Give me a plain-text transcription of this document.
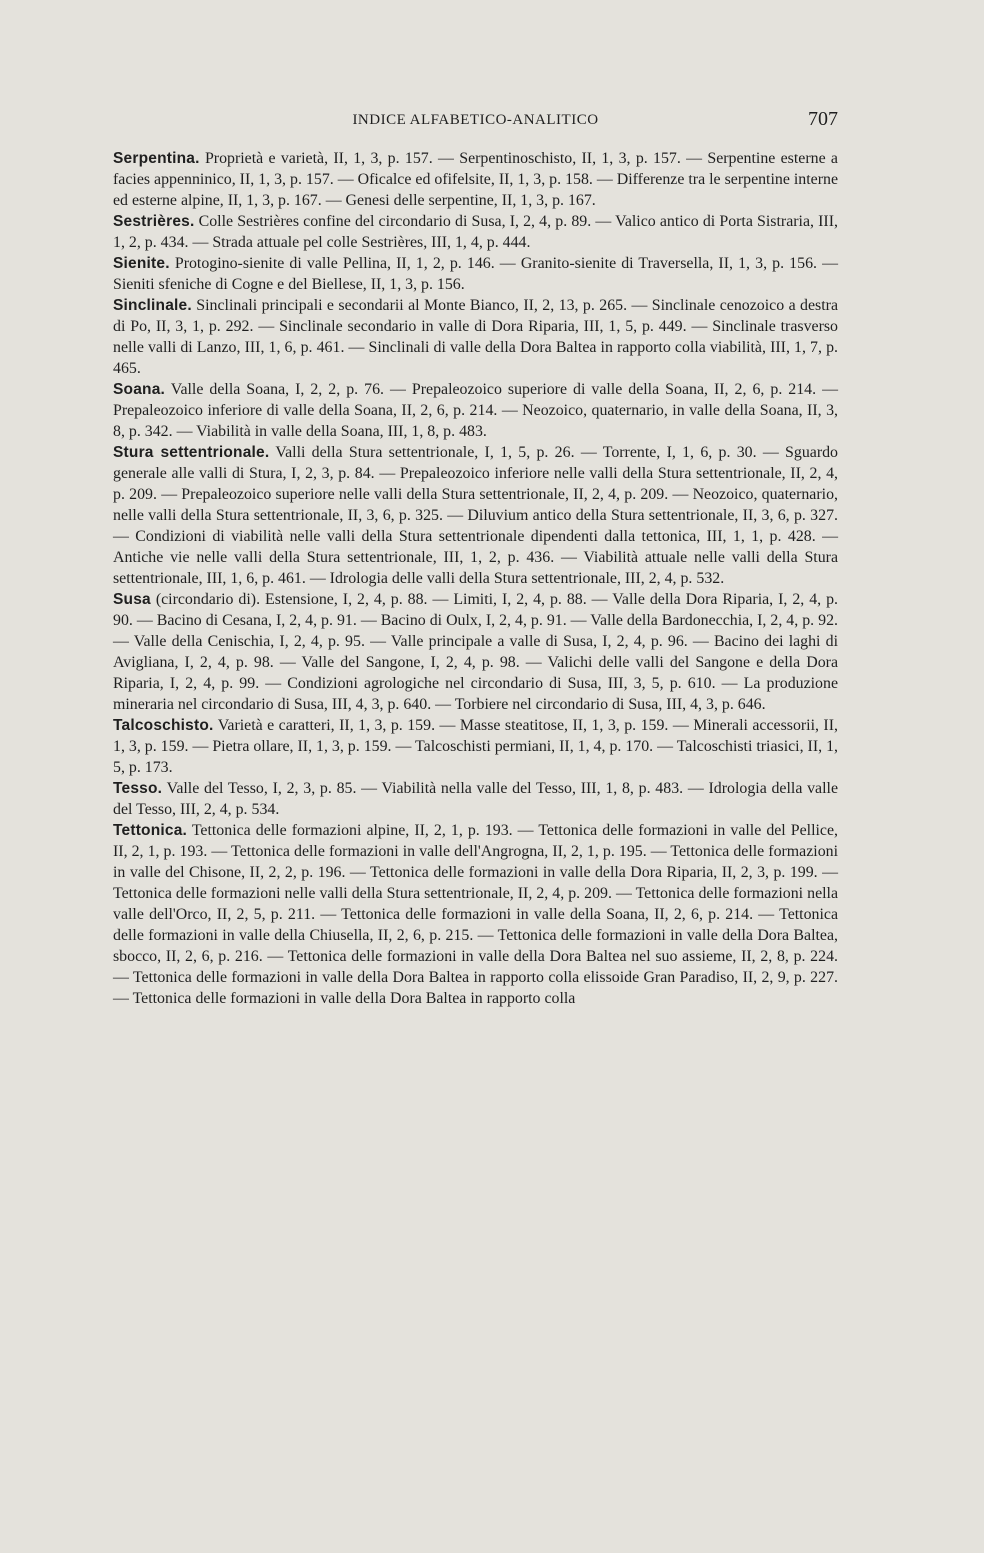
INDICE ALFABETICO-ANALITICO	707

Serpentina. Proprietà e varietà, II, 1, 3, p. 157. — Serpentinoschisto, II, 1, 3, p. 157. — Serpentine esterne a facies appenninico, II, 1, 3, p. 157. — Oficalce ed ofifelsite, II, 1, 3, p. 158. — Differenze tra le serpentine interne ed esterne alpine, II, 1, 3, p. 167. — Genesi delle serpentine, II, 1, 3, p. 167.

Sestrières. Colle Sestrières confine del circondario di Susa, I, 2, 4, p. 89. — Valico antico di Porta Sistraria, III, 1, 2, p. 434. — Strada attuale pel colle Sestrières, III, 1, 4, p. 444.

Sienite. Protogino-sienite di valle Pellina, II, 1, 2, p. 146. — Granito-sienite di Traversella, II, 1, 3, p. 156. — Sieniti sfeniche di Cogne e del Biellese, II, 1, 3, p. 156.

Sinclinale. Sinclinali principali e secondarii al Monte Bianco, II, 2, 13, p. 265. — Sinclinale cenozoico a destra di Po, II, 3, 1, p. 292. — Sinclinale secondario in valle di Dora Riparia, III, 1, 5, p. 449. — Sinclinale trasverso nelle valli di Lanzo, III, 1, 6, p. 461. — Sinclinali di valle della Dora Baltea in rapporto colla viabilità, III, 1, 7, p. 465.

Soana. Valle della Soana, I, 2, 2, p. 76. — Prepaleozoico superiore di valle della Soana, II, 2, 6, p. 214. — Prepaleozoico inferiore di valle della Soana, II, 2, 6, p. 214. — Neozoico, quaternario, in valle della Soana, II, 3, 8, p. 342. — Viabilità in valle della Soana, III, 1, 8, p. 483.

Stura settentrionale. Valli della Stura settentrionale, I, 1, 5, p. 26. — Torrente, I, 1, 6, p. 30. — Sguardo generale alle valli di Stura, I, 2, 3, p. 84. — Prepaleozoico inferiore nelle valli della Stura settentrionale, II, 2, 4, p. 209. — Prepaleozoico superiore nelle valli della Stura settentrionale, II, 2, 4, p. 209. — Neozoico, quaternario, nelle valli della Stura settentrionale, II, 3, 6, p. 325. — Diluvium antico della Stura settentrionale, II, 3, 6, p. 327. — Condizioni di viabilità nelle valli della Stura settentrionale dipendenti dalla tettonica, III, 1, 1, p. 428. — Antiche vie nelle valli della Stura settentrionale, III, 1, 2, p. 436. — Viabilità attuale nelle valli della Stura settentrionale, III, 1, 6, p. 461. — Idrologia delle valli della Stura settentrionale, III, 2, 4, p. 532.

Susa (circondario di). Estensione, I, 2, 4, p. 88. — Limiti, I, 2, 4, p. 88. — Valle della Dora Riparia, I, 2, 4, p. 90. — Bacino di Cesana, I, 2, 4, p. 91. — Bacino di Oulx, I, 2, 4, p. 91. — Valle della Bardonecchia, I, 2, 4, p. 92. — Valle della Cenischia, I, 2, 4, p. 95. — Valle principale a valle di Susa, I, 2, 4, p. 96. — Bacino dei laghi di Avigliana, I, 2, 4, p. 98. — Valle del Sangone, I, 2, 4, p. 98. — Valichi delle valli del Sangone e della Dora Riparia, I, 2, 4, p. 99. — Condizioni agrologiche nel circondario di Susa, III, 3, 5, p. 610. — La produzione mineraria nel circondario di Susa, III, 4, 3, p. 640. — Torbiere nel circondario di Susa, III, 4, 3, p. 646.

Talcoschisto. Varietà e caratteri, II, 1, 3, p. 159. — Masse steatitose, II, 1, 3, p. 159. — Minerali accessorii, II, 1, 3, p. 159. — Pietra ollare, II, 1, 3, p. 159. — Talcoschisti permiani, II, 1, 4, p. 170. — Talcoschisti triasici, II, 1, 5, p. 173.

Tesso. Valle del Tesso, I, 2, 3, p. 85. — Viabilità nella valle del Tesso, III, 1, 8, p. 483. — Idrologia della valle del Tesso, III, 2, 4, p. 534.

Tettonica. Tettonica delle formazioni alpine, II, 2, 1, p. 193. — Tettonica delle formazioni in valle del Pellice, II, 2, 1, p. 193. — Tettonica delle formazioni in valle dell'Angrogna, II, 2, 1, p. 195. — Tettonica delle formazioni in valle del Chisone, II, 2, 2, p. 196. — Tettonica delle formazioni in valle della Dora Riparia, II, 2, 3, p. 199. — Tettonica delle formazioni nelle valli della Stura settentrionale, II, 2, 4, p. 209. — Tettonica delle formazioni nella valle dell'Orco, II, 2, 5, p. 211. — Tettonica delle formazioni in valle della Soana, II, 2, 6, p. 214. — Tettonica delle formazioni in valle della Chiusella, II, 2, 6, p. 215. — Tettonica delle formazioni in valle della Dora Baltea, sbocco, II, 2, 6, p. 216. — Tettonica delle formazioni in valle della Dora Baltea nel suo assieme, II, 2, 8, p. 224. — Tettonica delle formazioni in valle della Dora Baltea in rapporto colla elissoide Gran Paradiso, II, 2, 9, p. 227. — Tettonica delle formazioni in valle della Dora Baltea in rapporto colla
